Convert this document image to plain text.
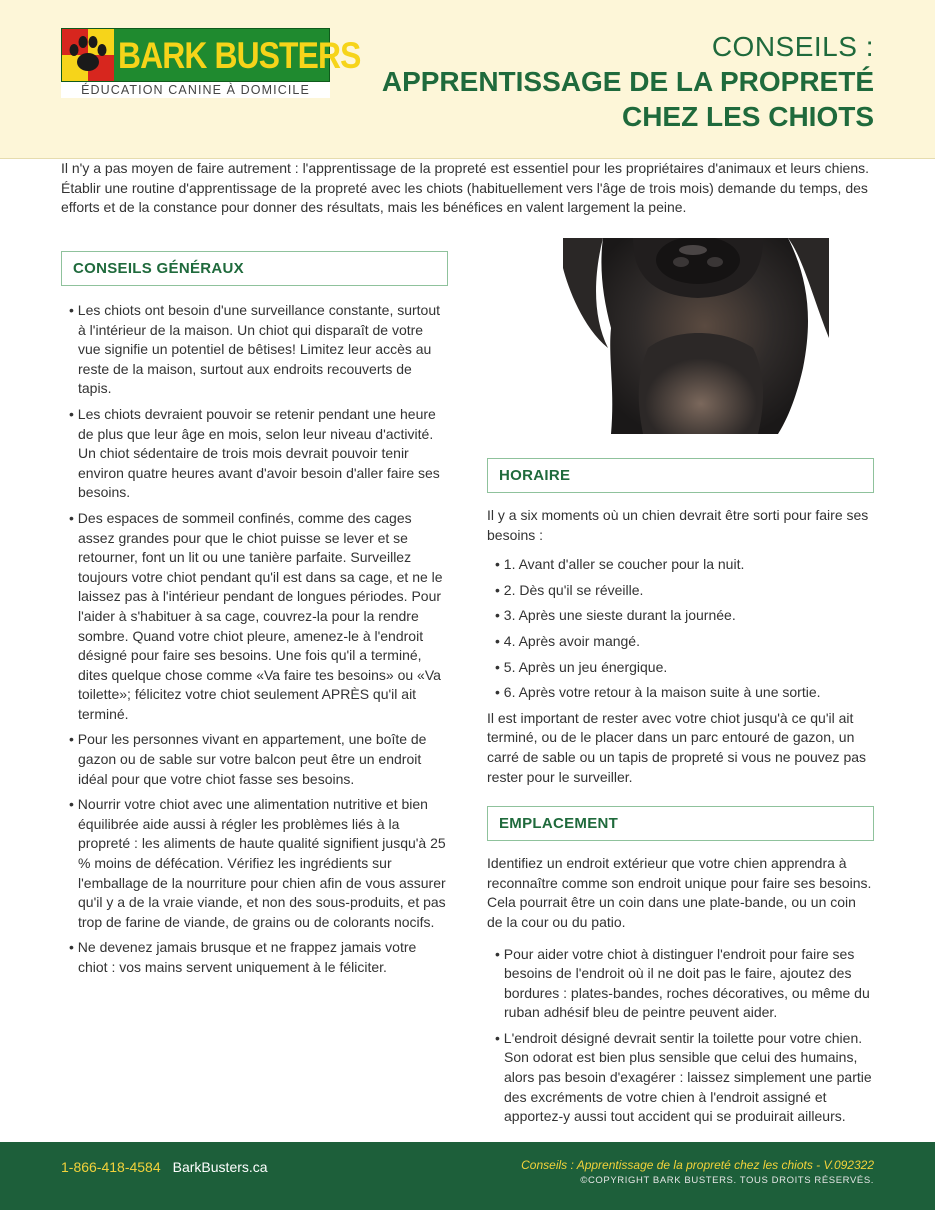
BARK BUSTERS
ÉDUCATION CANINE À DOMICILE
CONSEILS :
APPRENTISSAGE DE LA PROPRETÉ
CHEZ LES CHIOTS

Il n'y a pas moyen de faire autrement : l'apprentissage de la propreté est essentiel pour les propriétaires d'animaux et leurs chiens. Établir une routine d'apprentissage de la propreté avec les chiots (habituellement vers l'âge de trois mois) demande du temps, des efforts et de la constance pour donner des résultats, mais les bénéfices en valent largement la peine.

CONSEILS GÉNÉRAUX
• Les chiots ont besoin d'une surveillance constante, surtout à l'intérieur de la maison. Un chiot qui disparaît de votre vue signifie un potentiel de bêtises! Limitez leur accès au reste de la maison, surtout aux endroits recouverts de tapis.
• Les chiots devraient pouvoir se retenir pendant une heure de plus que leur âge en mois, selon leur niveau d'activité. Un chiot sédentaire de trois mois devrait pouvoir tenir environ quatre heures avant d'avoir besoin d'aller faire ses besoins.
• Des espaces de sommeil confinés, comme des cages assez grandes pour que le chiot puisse se lever et se retourner, font un lit ou une tanière parfaite. Surveillez toujours votre chiot pendant qu'il est dans sa cage, et ne le laissez pas à l'intérieur pendant de longues périodes. Pour l'aider à s'habituer à sa cage, couvrez-la pour la rendre sombre. Quand votre chiot pleure, amenez-le à l'endroit désigné pour faire ses besoins. Une fois qu'il a terminé, dites quelque chose comme «Va faire tes besoins» ou «Va toilette»; félicitez votre chiot seulement APRÈS qu'il ait terminé.
• Pour les personnes vivant en appartement, une boîte de gazon ou de sable sur votre balcon peut être un endroit idéal pour que votre chiot fasse ses besoins.
• Nourrir votre chiot avec une alimentation nutritive et bien équilibrée aide aussi à régler les problèmes liés à la propreté : les aliments de haute qualité signifient jusqu'à 25 % moins de défécation. Vérifiez les ingrédients sur l'emballage de la nourriture pour chien afin de vous assurer qu'il y a de la vraie viande, et non des sous-produits, et pas trop de farine de viande, de grains ou de colorants nocifs.
• Ne devenez jamais brusque et ne frappez jamais votre chiot : vos mains servent uniquement à le féliciter.
HORAIRE

Il y a six moments où un chien devrait être sorti pour faire ses besoins :

• 1. Avant d'aller se coucher pour la nuit.
• 2. Dès qu'il se réveille.
• 3. Après une sieste durant la journée.
• 4. Après avoir mangé.
• 5. Après un jeu énergique.
• 6. Après votre retour à la maison suite à une sortie.

Il est important de rester avec votre chiot jusqu'à ce qu'il ait terminé, ou de le placer dans un parc entouré de gazon, un carré de sable ou un tapis de propreté si vous ne pouvez pas rester pour le surveiller.

EMPLACEMENT

Identifiez un endroit extérieur que votre chien apprendra à reconnaître comme son endroit unique pour faire ses besoins. Cela pourrait être un coin dans une plate-bande, ou un coin de la cour ou du patio.

• Pour aider votre chiot à distinguer l'endroit pour faire ses besoins de l'endroit où il ne doit pas le faire, ajoutez des bordures : plates-bandes, roches décoratives, ou même du ruban adhésif bleu de peintre peuvent aider.
• L'endroit désigné devrait sentir la toilette pour votre chien. Son odorat est bien plus sensible que celui des humains, alors pas besoin d'exagérer : laissez simplement une partie des excréments de votre chien à l'endroit assigné et apportez-y aussi tout accident qui se produirait ailleurs.
1-866-418-4584 BarkBusters.ca	Conseils : Apprentissage de la propreté chez les chiots - V.092322
©COPYRIGHT BARK BUSTERS. TOUS DROITS RÉSERVÉS.
